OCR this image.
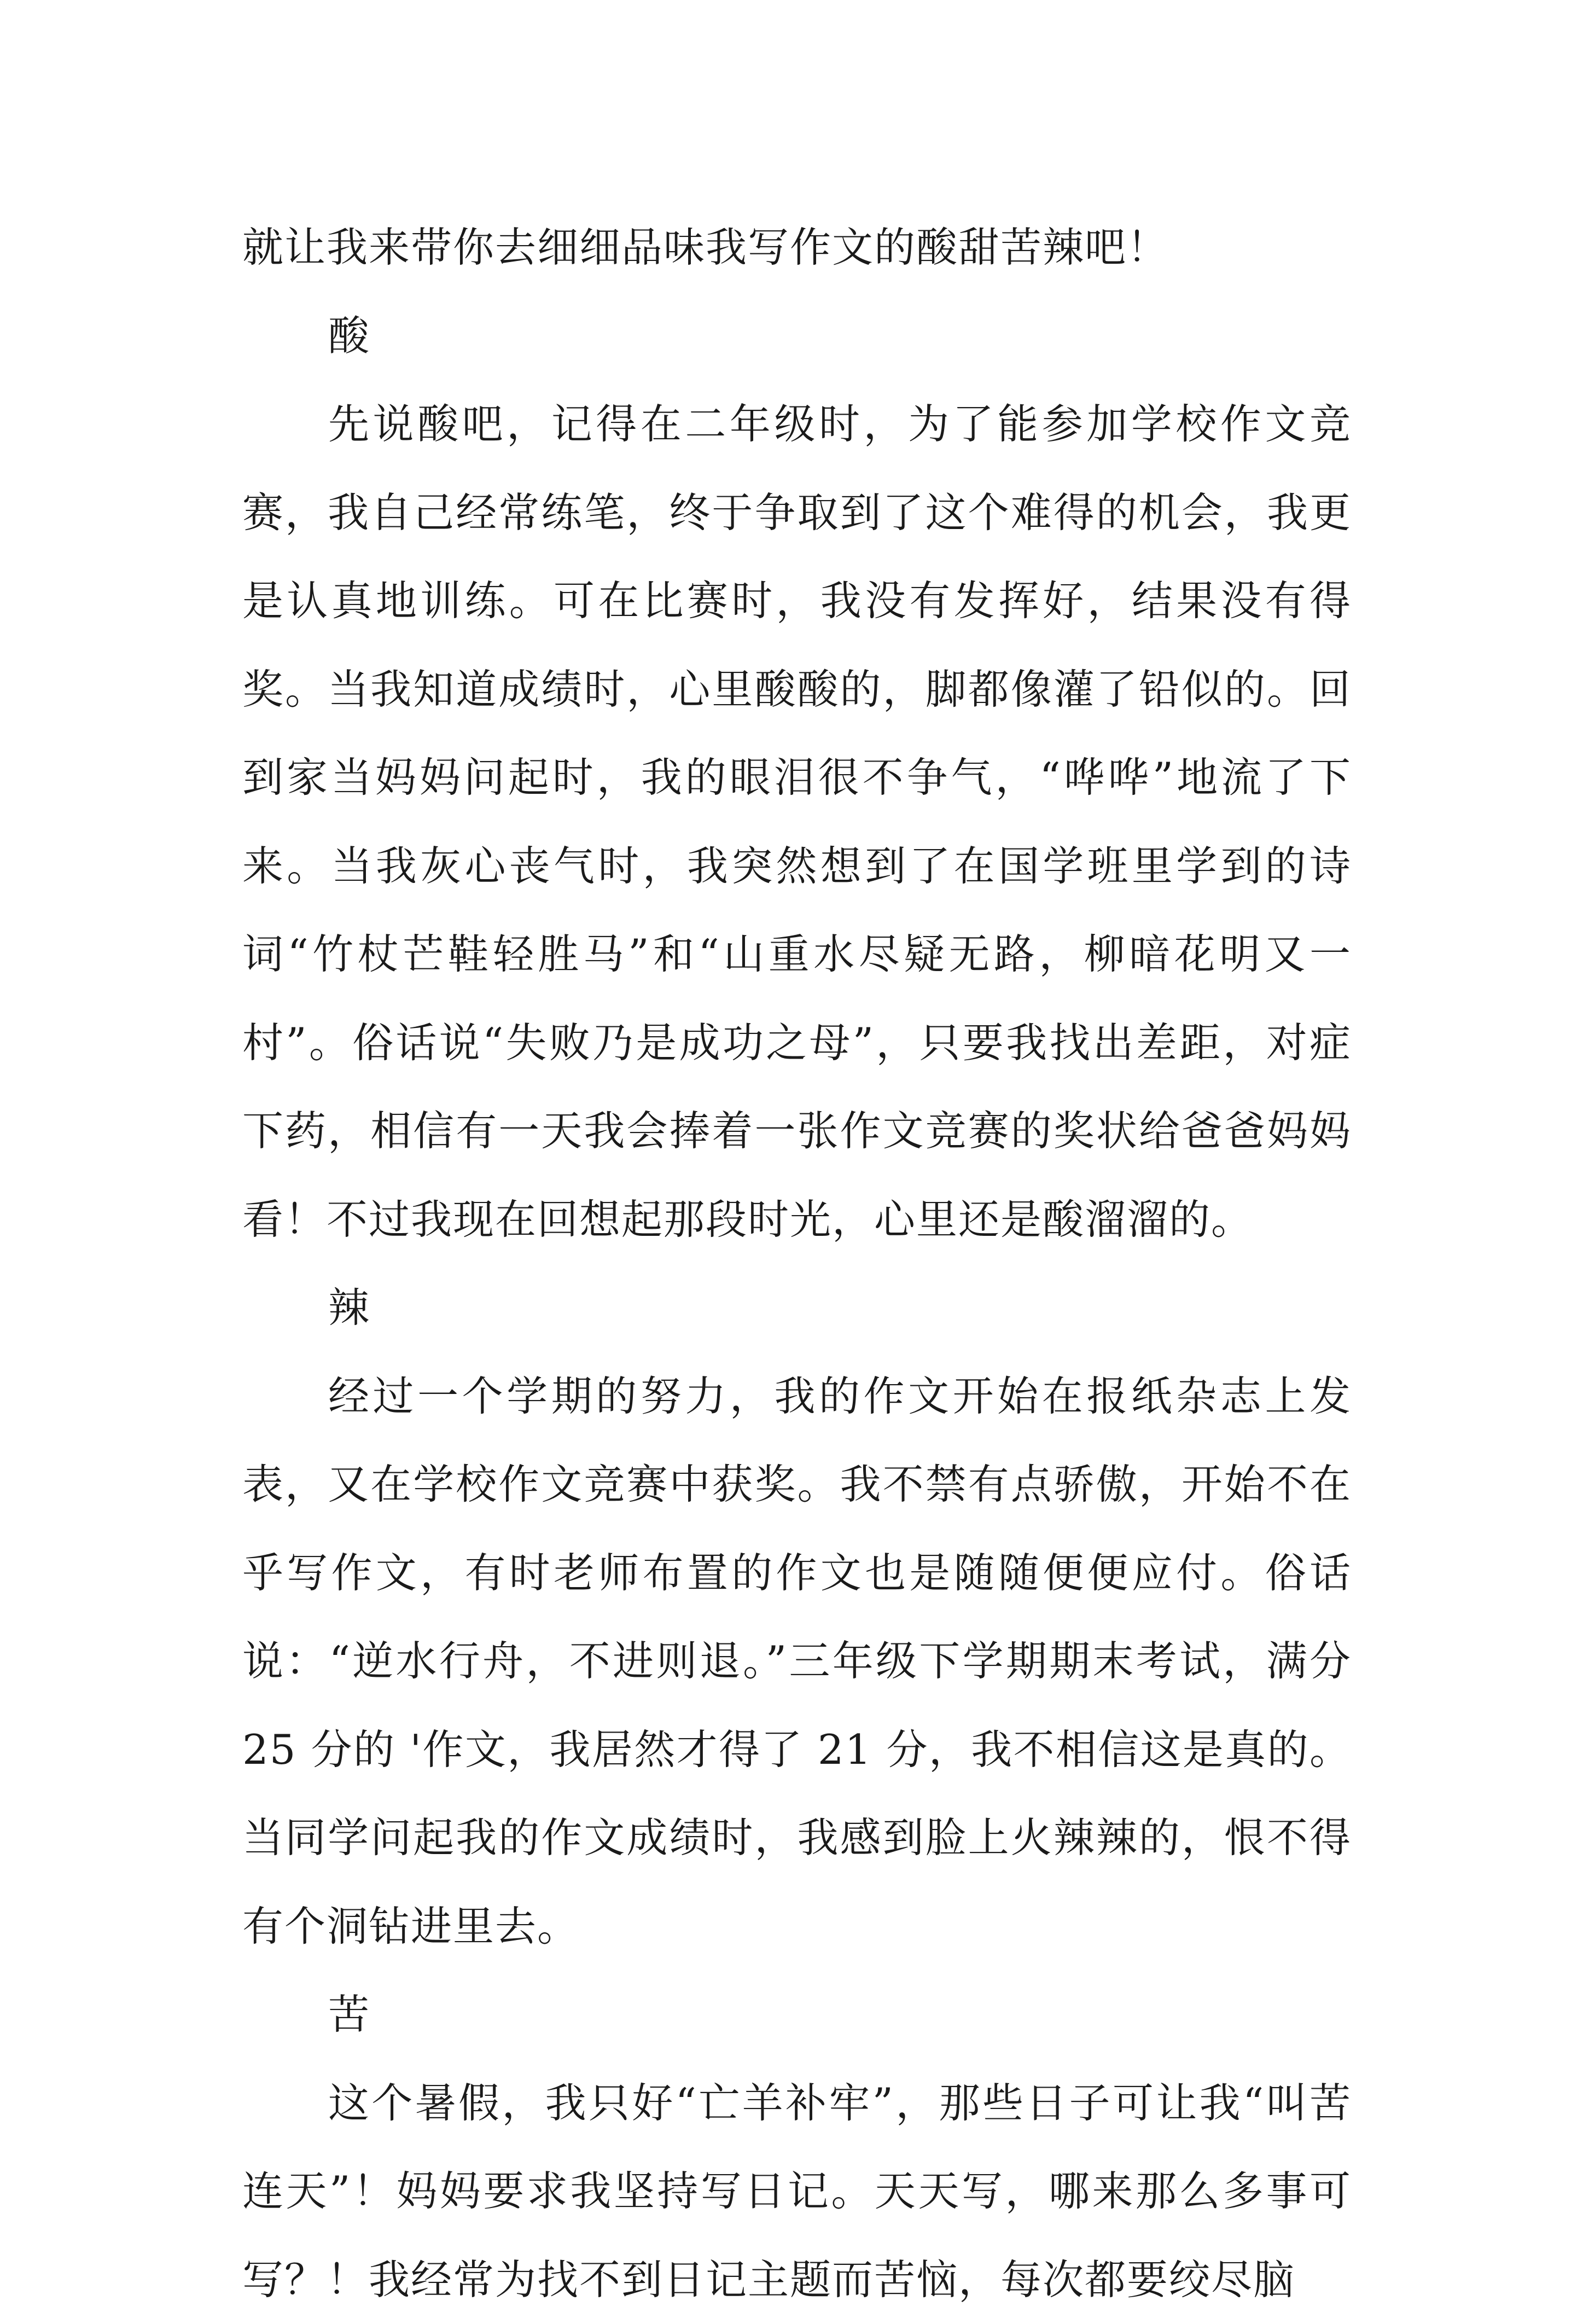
就让我来带你去细细品味我写作文的酸甜苦辣吧！

酸

先说酸吧，记得在二年级时，为了能参加学校作文竞赛，我自己经常练笔，终于争取到了这个难得的机会，我更是认真地训练。可在比赛时，我没有发挥好，结果没有得奖。当我知道成绩时，心里酸酸的，脚都像灌了铅似的。回到家当妈妈问起时，我的眼泪很不争气，“哗哗”地流了下来。当我灰心丧气时，我突然想到了在国学班里学到的诗词“竹杖芒鞋轻胜马”和“山重水尽疑无路，柳暗花明又一村”。俗话说“失败乃是成功之母”，只要我找出差距，对症下药，相信有一天我会捧着一张作文竞赛的奖状给爸爸妈妈看！不过我现在回想起那段时光，心里还是酸溜溜的。

辣

经过一个学期的努力，我的作文开始在报纸杂志上发表，又在学校作文竞赛中获奖。我不禁有点骄傲，开始不在乎写作文，有时老师布置的作文也是随随便便应付。俗话说：“逆水行舟，不进则退。”三年级下学期期末考试，满分 25 分的 '作文，我居然才得了 21 分，我不相信这是真的。当同学问起我的作文成绩时，我感到脸上火辣辣的，恨不得有个洞钻进里去。

苦

这个暑假，我只好“亡羊补牢”，那些日子可让我“叫苦连天”！妈妈要求我坚持写日记。天天写，哪来那么多事可写？！我经常为找不到日记主题而苦恼，每次都要绞尽脑
